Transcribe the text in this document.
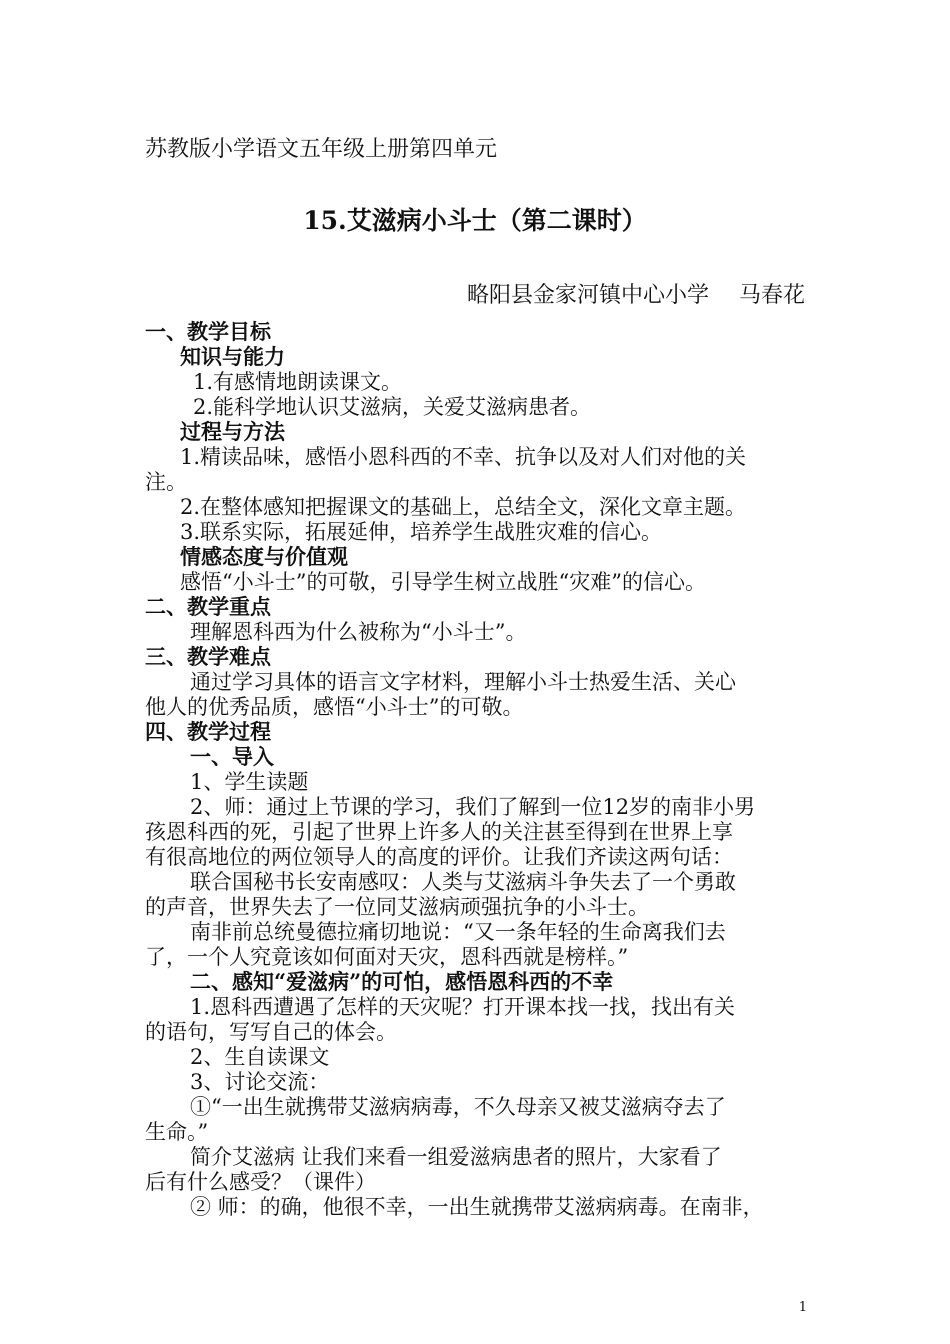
苏教版小学语文五年级上册第四单元
15.艾滋病小斗士（第二课时）
略阳县金家河镇中心小学 马春花
一、教学目标
知识与能力
1.有感情地朗读课文。
2.能科学地认识艾滋病，关爱艾滋病患者。
过程与方法
1.精读品味，感悟小恩科西的不幸、抗争以及对人们对他的关
注。
2.在整体感知把握课文的基础上，总结全文，深化文章主题。
3.联系实际，拓展延伸，培养学生战胜灾难的信心。
情感态度与价值观
感悟“小斗士”的可敬，引导学生树立战胜“灾难”的信心。
二、教学重点
理解恩科西为什么被称为“小斗士”。
三、教学难点
通过学习具体的语言文字材料，理解小斗士热爱生活、关心
他人的优秀品质，感悟“小斗士”的可敬。
四、教学过程
一、导入
1、学生读题
2、师：通过上节课的学习，我们了解到一位12岁的南非小男
孩恩科西的死，引起了世界上许多人的关注甚至得到在世界上享
有很高地位的两位领导人的高度的评价。让我们齐读这两句话：
联合国秘书长安南感叹：人类与艾滋病斗争失去了一个勇敢
的声音，世界失去了一位同艾滋病顽强抗争的小斗士。
南非前总统曼德拉痛切地说：“又一条年轻的生命离我们去
了，一个人究竟该如何面对天灾，恩科西就是榜样。”
二、感知“爱滋病”的可怕，感悟恩科西的不幸
1.恩科西遭遇了怎样的天灾呢？打开课本找一找，找出有关
的语句，写写自己的体会。
2、生自读课文
3、讨论交流：
①“一出生就携带艾滋病病毒，不久母亲又被艾滋病夺去了
生命。”
简介艾滋病 让我们来看一组爱滋病患者的照片，大家看了
后有什么感受？（课件）
② 师：的确，他很不幸，一出生就携带艾滋病病毒。在南非，
1
